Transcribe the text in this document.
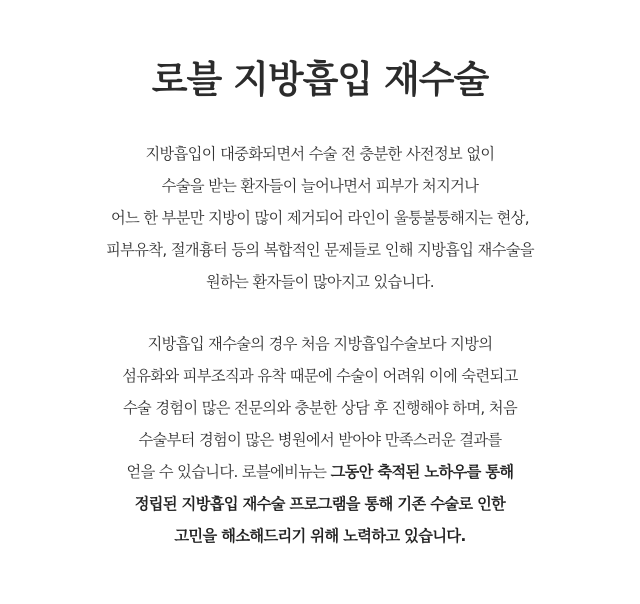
로블 지방흡입 재수술
지방흡입이 대중화되면서 수술 전 충분한 사전정보 없이
수술을 받는 환자들이 늘어나면서 피부가 처지거나
어느 한 부분만 지방이 많이 제거되어 라인이 울퉁불퉁해지는 현상,
피부유착, 절개흉터 등의 복합적인 문제들로 인해 지방흡입 재수술을
원하는 환자들이 많아지고 있습니다.
지방흡입 재수술의 경우 처음 지방흡입수술보다 지방의
섬유화와 피부조직과 유착 때문에 수술이 어려워 이에 숙련되고
수술 경험이 많은 전문의와 충분한 상담 후 진행해야 하며, 처음
수술부터 경험이 많은 병원에서 받아야 만족스러운 결과를
얻을 수 있습니다. 로블에비뉴는 그동안 축적된 노하우를 통해
정립된 지방흡입 재수술 프로그램을 통해 기존 수술로 인한
고민을 해소해드리기 위해 노력하고 있습니다.
